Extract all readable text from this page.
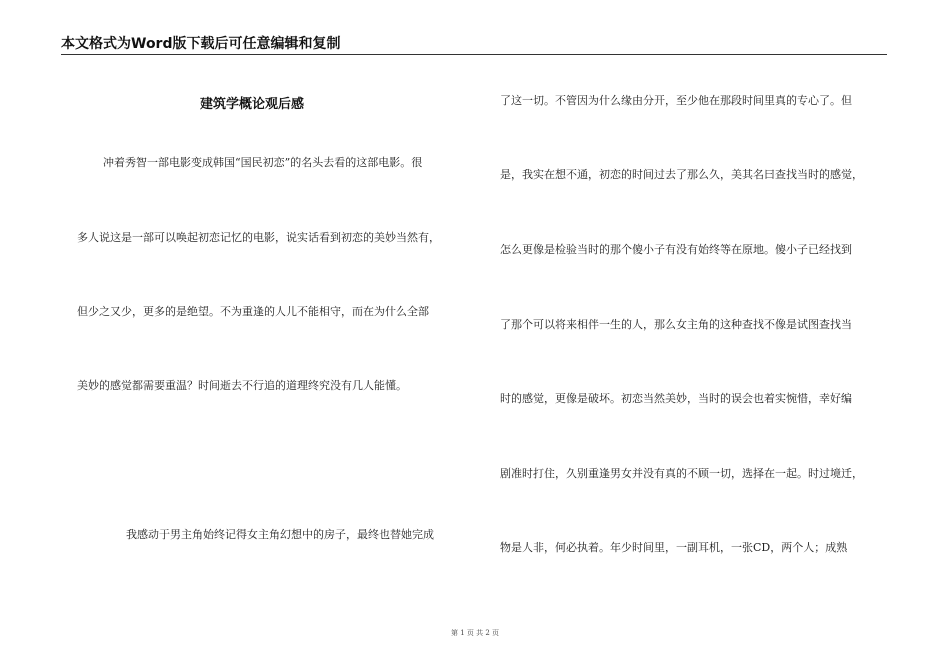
本文格式为Word版下载后可任意编辑和复制
建筑学概论观后感
冲着秀智一部电影变成韩国“国民初恋”的名头去看的这部电影。很
多人说这是一部可以唤起初恋记忆的电影，说实话看到初恋的美妙当然有，
但少之又少，更多的是绝望。不为重逢的人儿不能相守，而在为什么全部
美妙的感觉都需要重温？时间逝去不行追的道理终究没有几人能懂。
我感动于男主角始终记得女主角幻想中的房子，最终也替她完成
了这一切。不管因为什么缘由分开，至少他在那段时间里真的专心了。但
是，我实在想不通，初恋的时间过去了那么久，美其名曰查找当时的感觉，
怎么更像是检验当时的那个傻小子有没有始终等在原地。傻小子已经找到
了那个可以将来相伴一生的人，那么女主角的这种查找不像是试图查找当
时的感觉，更像是破坏。初恋当然美妙，当时的误会也着实惋惜，幸好编
剧准时打住，久别重逢男女并没有真的不顾一切，选择在一起。时过境迁，
物是人非，何必执着。年少时间里，一副耳机，一张CD，两个人；成熟
第 1 页 共 2 页
